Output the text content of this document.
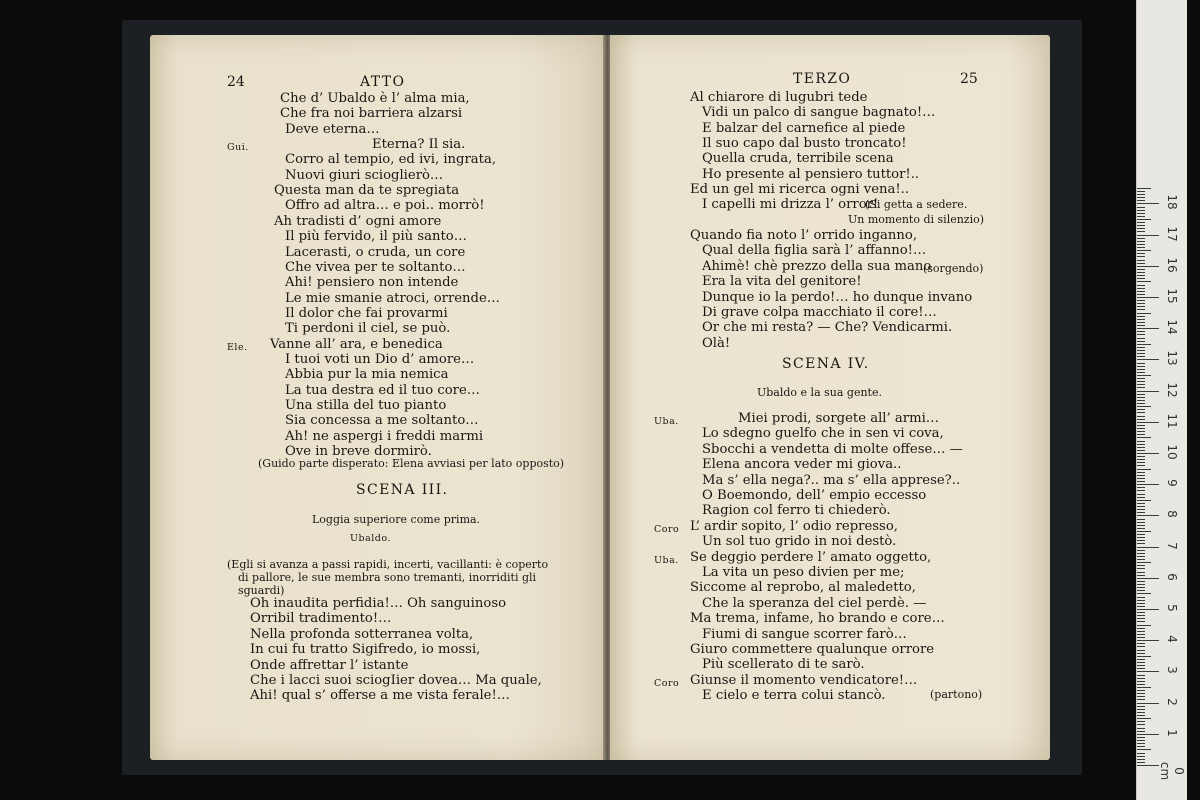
24	ATTO
Che d’ Ubaldo è l’ alma mia,
Che fra noi barriera alzarsi
Deve eterna…
Gui.	Eterna? Il sia.
Corro al tempio, ed ivi, ingrata,
Nuovi giuri scioglierò…
Questa man da te spregiata
Offro ad altra… e poi.. morrò!
Ah tradisti d’ ogni amore
Il più fervido, il più santo…
Lacerasti, o cruda, un core
Che vivea per te soltanto…
Ahi! pensiero non intende
Le mie smanie atroci, orrende…
Il dolor che fai provarmi
Ti perdoni il ciel, se può.
Ele. Vanne all’ ara, e benedica
I tuoi voti un Dio d’ amore…
Abbia pur la mia nemica
La tua destra ed il tuo core…
Una stilla del tuo pianto
Sia concessa a me soltanto…
Ah! ne aspergi i freddi marmi
Ove in breve dormirò.
(Guido parte disperato: Elena avviasi per lato opposto)
SCENA III.
Loggia superiore come prima.
Ubaldo.
(Egli si avanza a passi rapidi, incerti, vacillanti: è coperto
di pallore, le sue membra sono tremanti, inorriditi gli
sguardi)
Oh inaudita perfidia!… Oh sanguinoso
Orribil tradimento!…
Nella profonda sotterranea volta,
In cui fu tratto Sigifredo, io mossi,
Onde affrettar l’ istante
Che i lacci suoi sciogIier dovea… Ma quale,
Ahi! qual s’ offerse a me vista ferale!…
TERZO	25
Al chiarore di lugubri tede
Vidi un palco di sangue bagnato!…
E balzar del carnefice al piede
Il suo capo dal busto troncato!
Quella cruda, terribile scena
Ho presente al pensiero tuttor!..
Ed un gel mi ricerca ogni vena!..
I capelli mi drizza l’ orror!
(Si getta a sedere.
Un momento di silenzio)
Quando fia noto l’ orrido inganno,
Qual della figlia sarà l’ affanno!…
Ahimè! chè prezzo della sua mano
Era la vita del genitore!
Dunque io la perdo!… ho dunque invano
Di grave colpa macchiato il core!…
Or che mi resta? — Che? Vendicarmi.
Olà!
(sorgendo)
SCENA IV.
Ubaldo e la sua gente.
Uba.	Miei prodi, sorgete all’ armi…
Lo sdegno guelfo che in sen vi cova,
Sbocchi a vendetta di molte offese… —
Elena ancora veder mi giova..
Ma s’ ella nega?.. ma s’ ella apprese?..
O Boemondo, dell’ empio eccesso
Ragion col ferro ti chiederò.
Coro L’ ardir sopito, l’ odio represso,
Un sol tuo grido in noi destò.
Uba. Se deggio perdere l’ amato oggetto,
La vita un peso divien per me;
Siccome al reprobo, al maledetto,
Che la speranza del ciel perdè. —
Ma trema, infame, ho brando e core…
Fiumi di sangue scorrer farò…
Giuro commettere qualunque orrore
Più scellerato di te sarò.
Coro Giunse il momento vendicatore!…
E cielo e terra colui stancò.	(partono)
0 cm
1
2
3
4
5
6
7
8
9
10
11
12
13
14
15
16
17
18
